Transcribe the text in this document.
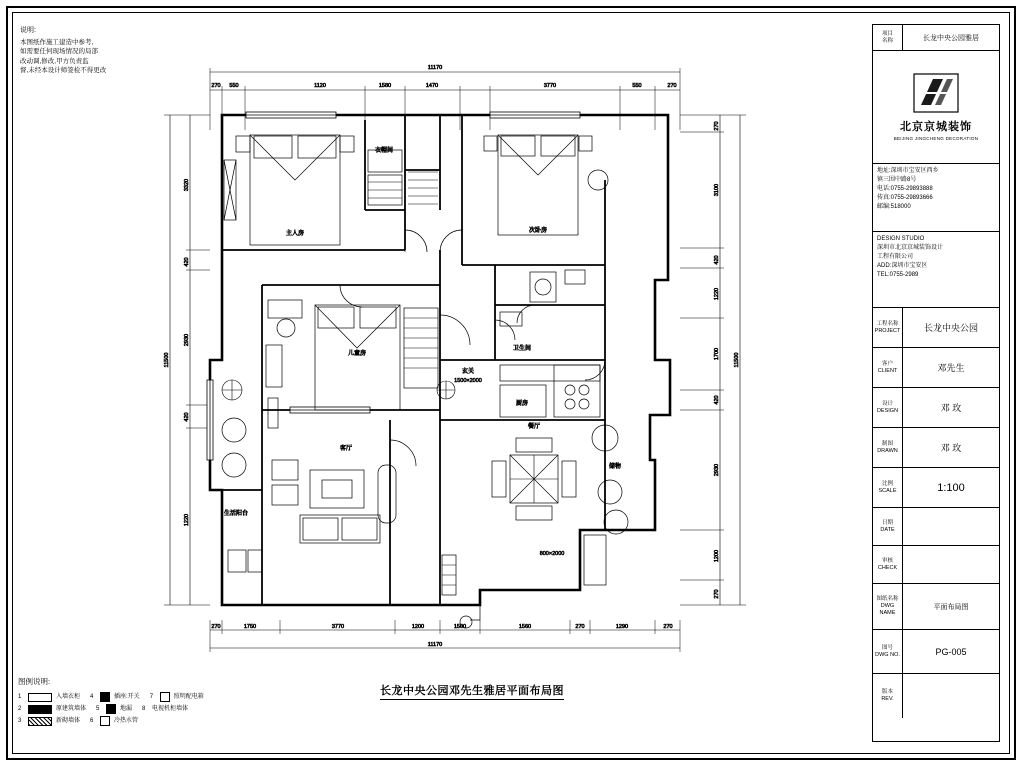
说明:
本图纸作施工建造中参考,
如需要任何现场情况的局部
改动调,修改,甲方负责监
督,未经本设计师签检不得更改	11170
270 550	1120	1580	1470	3770	550	270
270	1750	3770	1200	1500	1560	270	1290	270
11170
11500
3320
420
2930
420
1220
270
3100
420
1220
1700
420
2930
1200
270
11500
主人房	次卧房
儿童房
衣帽间
卫生间
厨房
客厅
餐厅
生活阳台
玄关
储物
1500×2000
800×2000
项目
名称	长龙中央公园雅居
北京京城装饰
BEIJING JINGCHENG DECORATION
地址:深圳市宝安区西乡
镇三围中路8号
电话:0755-29893888
传真:0755-29893666
邮编:518000
DESIGN STUDIO
深圳市北京京城装饰设计
工程有限公司
ADD:深圳市宝安区
TEL:0755-2989
工程名称
PROJECT	长龙中央公园
客户
CLIENT	邓先生
设计
DESIGN	邓 玫
制图
DRAWN	邓 玫
比例
SCALE	1:100
日期
DATE
审核
CHECK
图纸名称
DWG NAME
平面布局图
图号
DWG NO.	PG-005
版本
REV.
图例说明:
1	入墙衣柜 4	插座:开关 7	照明配电箱
2	原建筑墙体 5	地漏 8	电视机柜墙体
3	新砌墙体 6	冷热水管
长龙中央公园邓先生雅居平面布局图
